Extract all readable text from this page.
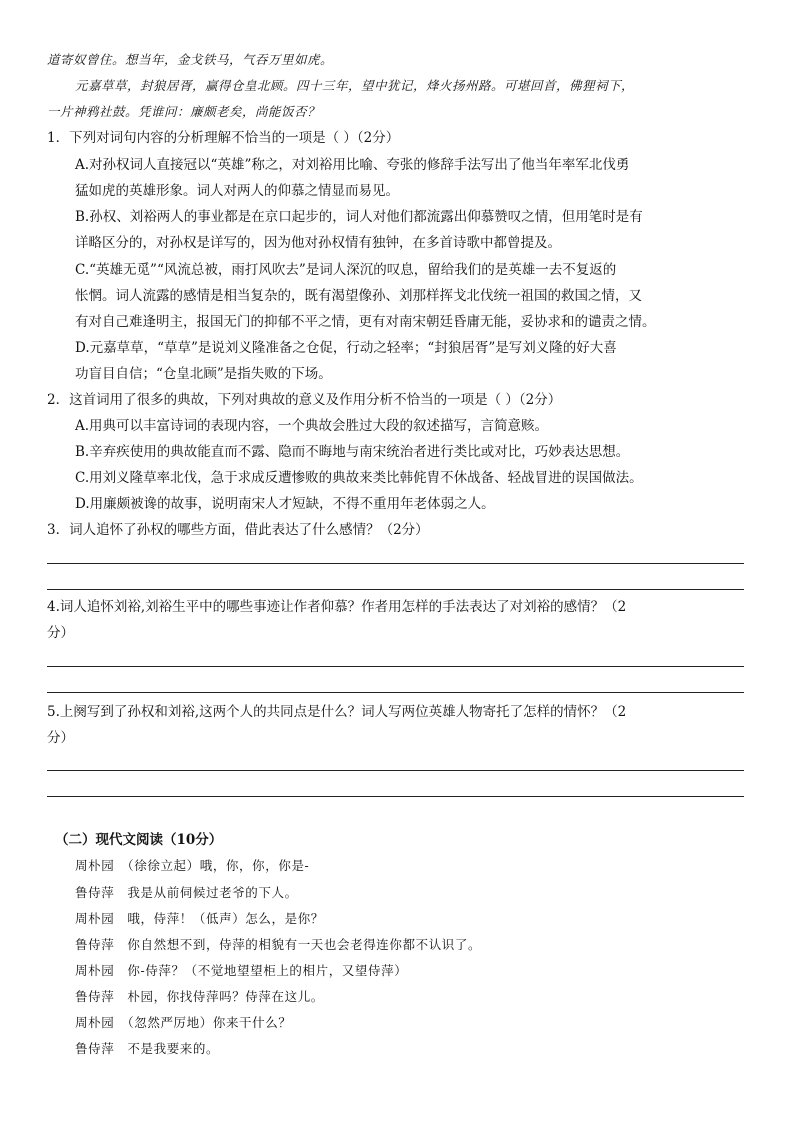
道寄奴曾住。想当年，金戈铁马，气吞万里如虎。
元嘉草草，封狼居胥，赢得仓皇北顾。四十三年，望中犹记，烽火扬州路。可堪回首，佛狸祠下，
一片神鸦社鼓。凭谁问：廉颇老矣，尚能饭否？
1．下列对词句内容的分析理解不恰当的一项是（ ）（2分）
A.对孙权词人直接冠以“英雄”称之，对刘裕用比喻、夸张的修辞手法写出了他当年率军北伐勇
猛如虎的英雄形象。词人对两人的仰慕之情显而易见。
B.孙权、刘裕两人的事业都是在京口起步的，词人对他们都流露出仰慕赞叹之情，但用笔时是有
详略区分的，对孙权是详写的，因为他对孙权情有独钟，在多首诗歌中都曾提及。
C.“英雄无觅”“风流总被，雨打风吹去”是词人深沉的叹息，留给我们的是英雄一去不复返的
怅惘。词人流露的感情是相当复杂的，既有渴望像孙、刘那样挥戈北伐统一祖国的救国之情，又
有对自己难逢明主，报国无门的抑郁不平之情，更有对南宋朝廷昏庸无能，妥协求和的谴责之情。
D.元嘉草草，“草草”是说刘义隆准备之仓促，行动之轻率；“封狼居胥”是写刘义隆的好大喜
功盲目自信；“仓皇北顾”是指失败的下场。
2．这首词用了很多的典故，下列对典故的意义及作用分析不恰当的一项是（ ）（2分）
A.用典可以丰富诗词的表现内容，一个典故会胜过大段的叙述描写，言简意赅。
B.辛弃疾使用的典故能直而不露、隐而不晦地与南宋统治者进行类比或对比，巧妙表达思想。
C.用刘义隆草率北伐，急于求成反遭惨败的典故来类比韩侂胄不休战备、轻战冒进的误国做法。
D.用廉颇被谗的故事，说明南宋人才短缺，不得不重用年老体弱之人。
3．词人追怀了孙权的哪些方面，借此表达了什么感情？（2分）
4.词人追怀刘裕,刘裕生平中的哪些事迹让作者仰慕？作者用怎样的手法表达了对刘裕的感情？（2
分）
5.上阕写到了孙权和刘裕,这两个人的共同点是什么？词人写两位英雄人物寄托了怎样的情怀？（2
分）
（二）现代文阅读（10分）
周朴园　（徐徐立起）哦，你，你，你是-
鲁侍萍　我是从前伺候过老爷的下人。
周朴园　哦，侍萍！（低声）怎么，是你？
鲁侍萍　你自然想不到，侍萍的相貌有一天也会老得连你都不认识了。
周朴园　你-侍萍？（不觉地望望柜上的相片，又望侍萍）
鲁侍萍　朴园，你找侍萍吗？侍萍在这儿。
周朴园　（忽然严厉地）你来干什么？
鲁侍萍　不是我要来的。
